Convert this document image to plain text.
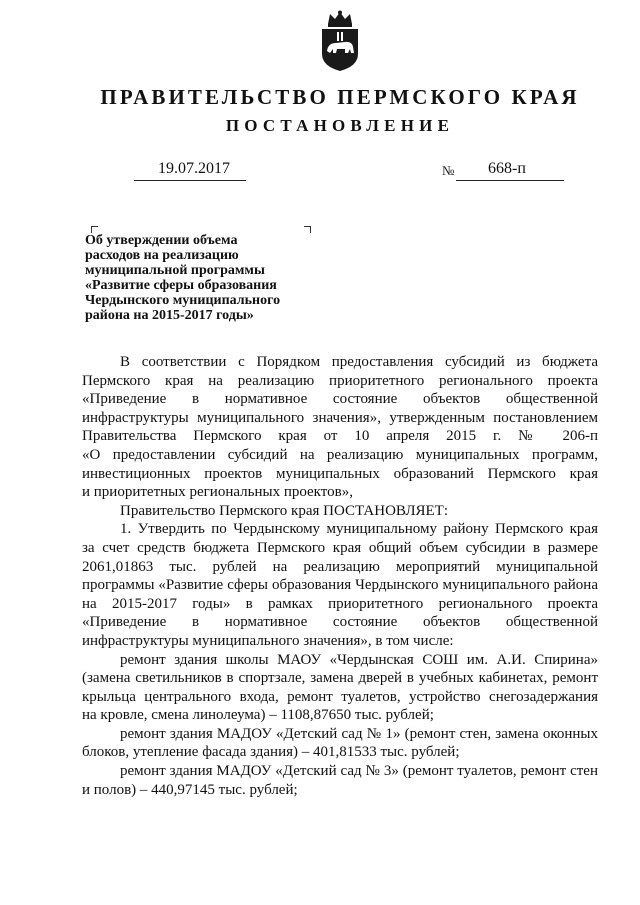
ПРАВИТЕЛЬСТВО ПЕРМСКОГО КРАЯ
ПОСТАНОВЛЕНИЕ
19.07.2017	№ 668-п
Об утверждении объема
расходов на реализацию
муниципальной программы
«Развитие сферы образования
Чердынского муниципального
района на 2015-2017 годы»

В соответствии с Порядком предоставления субсидий из бюджета

Пермского края на реализацию приоритетного регионального проекта

«Приведение в нормативное состояние объектов общественной

инфраструктуры муниципального значения», утвержденным постановлением

Правительства Пермского края от 10 апреля 2015 г. № 206-п

«О предоставлении субсидий на реализацию муниципальных программ,

инвестиционных проектов муниципальных образований Пермского края

и приоритетных региональных проектов»,

Правительство Пермского края ПОСТАНОВЛЯЕТ:

1. Утвердить по Чердынскому муниципальному району Пермского края

за счет средств бюджета Пермского края общий объем субсидии в размере

2061,01863 тыс. рублей на реализацию мероприятий муниципальной

программы «Развитие сферы образования Чердынского муниципального района

на 2015-2017 годы» в рамках приоритетного регионального проекта

«Приведение в нормативное состояние объектов общественной

инфраструктуры муниципального значения», в том числе:

ремонт здания школы МАОУ «Чердынская СОШ им. А.И. Спирина»

(замена светильников в спортзале, замена дверей в учебных кабинетах, ремонт

крыльца центрального входа, ремонт туалетов, устройство снегозадержания

на кровле, смена линолеума) – 1108,87650 тыс. рублей;

ремонт здания МАДОУ «Детский сад № 1» (ремонт стен, замена оконных

блоков, утепление фасада здания) – 401,81533 тыс. рублей;

ремонт здания МАДОУ «Детский сад № 3» (ремонт туалетов, ремонт стен

и полов) – 440,97145 тыс. рублей;
